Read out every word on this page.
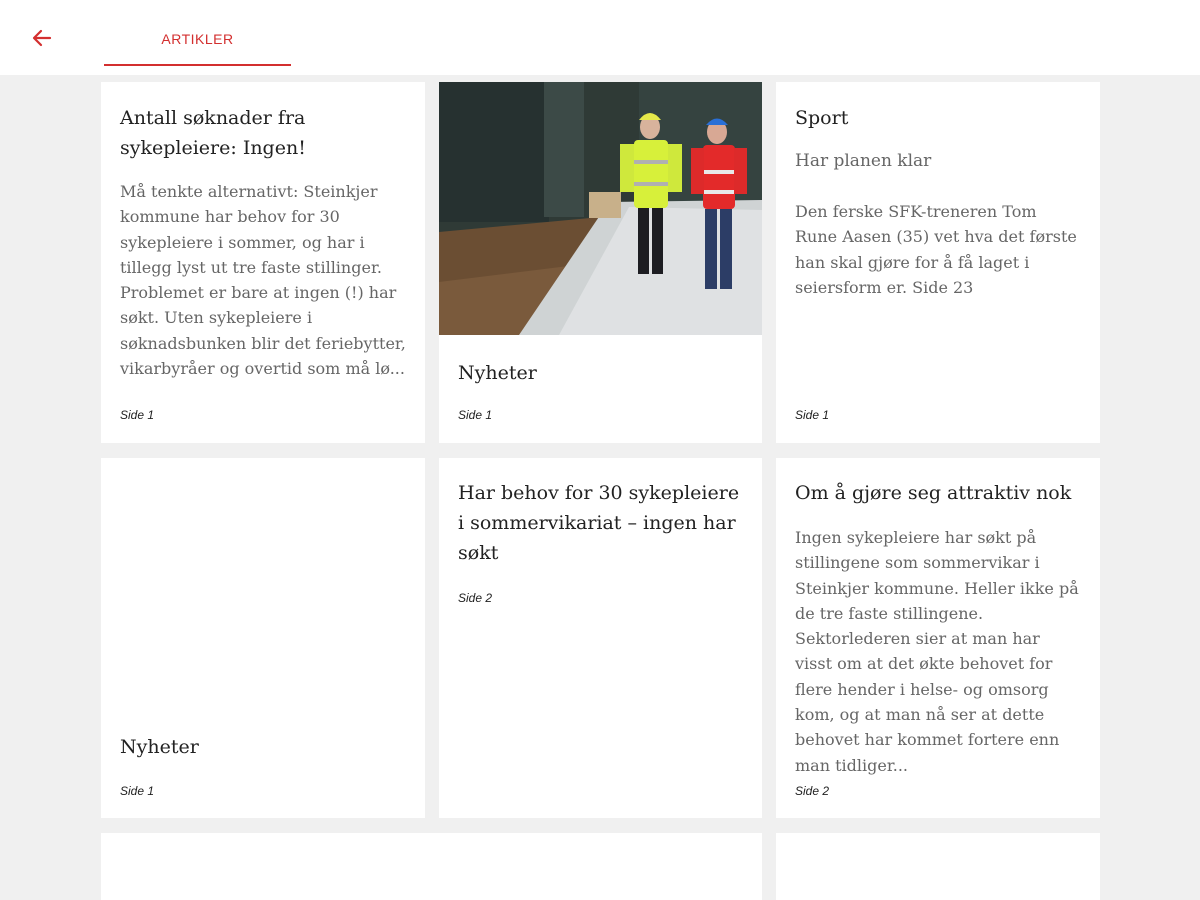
ARTIKLER
Antall søknader fra sykepleiere: Ingen!
Må tenkte alternativt: Steinkjer kommune har behov for 30 sykepleiere i sommer, og har i tillegg lyst ut tre faste stillinger. Problemet er bare at ingen (!) har søkt. Uten sykepleiere i søknadsbunken blir det feriebytter, vikarbyråer og overtid som må lø...
Side 1
Nyheter
Side 1
Sport
Har planen klar
Den ferske SFK-treneren Tom Rune Aasen (35) vet hva det første han skal gjøre for å få laget i seiersform er. Side 23
Side 1
Nyheter
Side 1
Har behov for 30 sykepleiere i sommervikariat – ingen har søkt
Side 2
Om å gjøre seg attraktiv nok
Ingen sykepleiere har søkt på stillingene som sommervikar i Steinkjer kommune. Heller ikke på de tre faste stillingene. Sektorlederen sier at man har visst om at det økte behovet for flere hender i helse- og omsorg kom, og at man nå ser at dette behovet har kommet fortere enn man tidliger...
Side 2
